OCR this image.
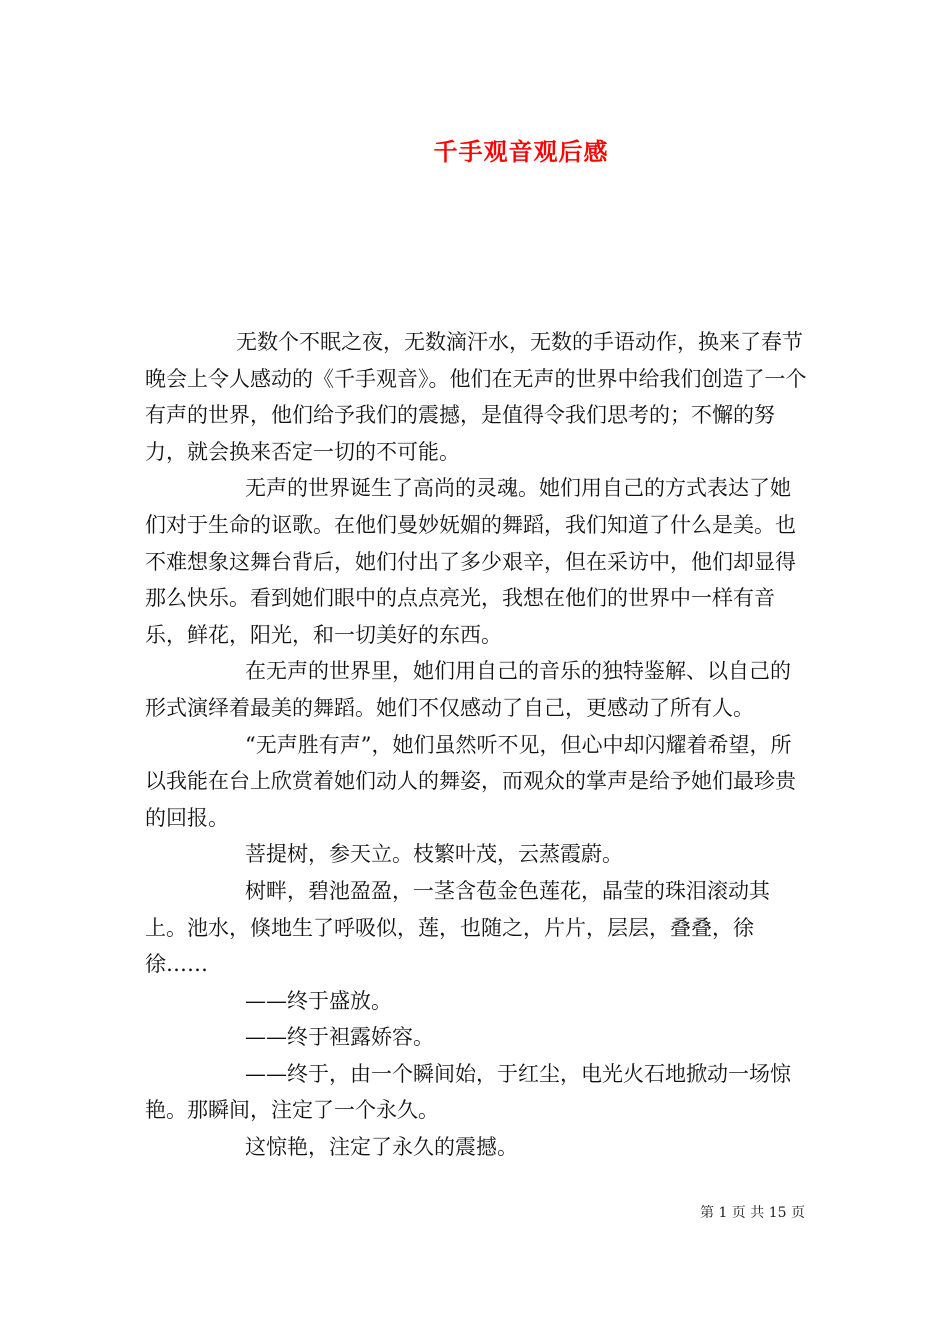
千手观音观后感

无数个不眠之夜，无数滴汗水，无数的手语动作，换来了春节晚会上令人感动的《千手观音》。他们在无声的世界中给我们创造了一个有声的世界，他们给予我们的震撼，是值得令我们思考的；不懈的努力，就会换来否定一切的不可能。

无声的世界诞生了高尚的灵魂。她们用自己的方式表达了她们对于生命的讴歌。在他们曼妙妩媚的舞蹈，我们知道了什么是美。也不难想象这舞台背后，她们付出了多少艰辛，但在采访中，他们却显得那么快乐。看到她们眼中的点点亮光，我想在他们的世界中一样有音乐，鲜花，阳光，和一切美好的东西。

在无声的世界里，她们用自己的音乐的独特鉴解、以自己的形式演绎着最美的舞蹈。她们不仅感动了自己，更感动了所有人。

“无声胜有声”，她们虽然听不见，但心中却闪耀着希望，所以我能在台上欣赏着她们动人的舞姿，而观众的掌声是给予她们最珍贵的回报。

菩提树，参天立。枝繁叶茂，云蒸霞蔚。

树畔，碧池盈盈，一茎含苞金色莲花，晶莹的珠泪滚动其上。池水，倏地生了呼吸似，莲，也随之，片片，层层，叠叠，徐徐……

——终于盛放。

——终于袒露娇容。

——终于，由一个瞬间始，于红尘，电光火石地掀动一场惊艳。那瞬间，注定了一个永久。

这惊艳，注定了永久的震撼。

第 1 页 共 15 页
